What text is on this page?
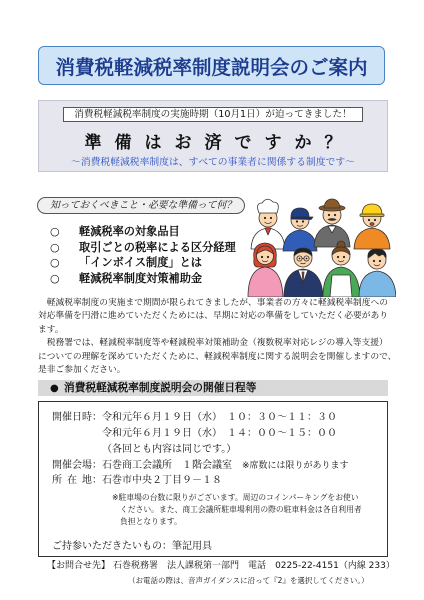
消費税軽減税率制度説明会のご案内
消費税軽減税率制度の実施時期（10月1日）が迫ってきました！
準備はお済ですか？
～消費税軽減税率制度は、すべての事業者に関係する制度です～
知っておくべきこと・必要な準備って何？
○	軽減税率の対象品目
○	取引ごとの税率による区分経理
○	「インボイス制度」とは
○	軽減税率制度対策補助金
　軽減税率制度の実施まで期間が限られてきましたが、事業者の方々に軽減税率制度への
対応準備を円滑に進めていただくためには、早期に対応の準備をしていただく必要があり
ます。
　税務署では、軽減税率制度等や軽減税率対策補助金（複数税率対応レジの導入等支援）
についての理解を深めていただくために、軽減税率制度に関する説明会を開催しますので、
是非ご参加ください。
● 消費税軽減税率制度説明会の開催日程等
開催日時：令和元年６月１９日（水）　１０：３０～１１：３０
令和元年６月１９日（水）　１４：００～１５：００
（各回とも内容は同じです。）
開催会場：石巻商工会議所　１階会議室 ※席数には限りがあります
所 在 地：石巻市中央２丁目９－１８
※駐車場の台数に限りがございます。周辺のコインパーキングをお使い
ください。また、商工会議所駐車場利用の際の駐車料金は各自利用者
負担となります。
ご持参いただきたいもの：筆記用具
【お問合せ先】 石巻税務署 法人課税第一部門 電話 0225-22-4151（内線 233）
（お電話の際は、音声ガイダンスに沿って『2』を選択してください。）
